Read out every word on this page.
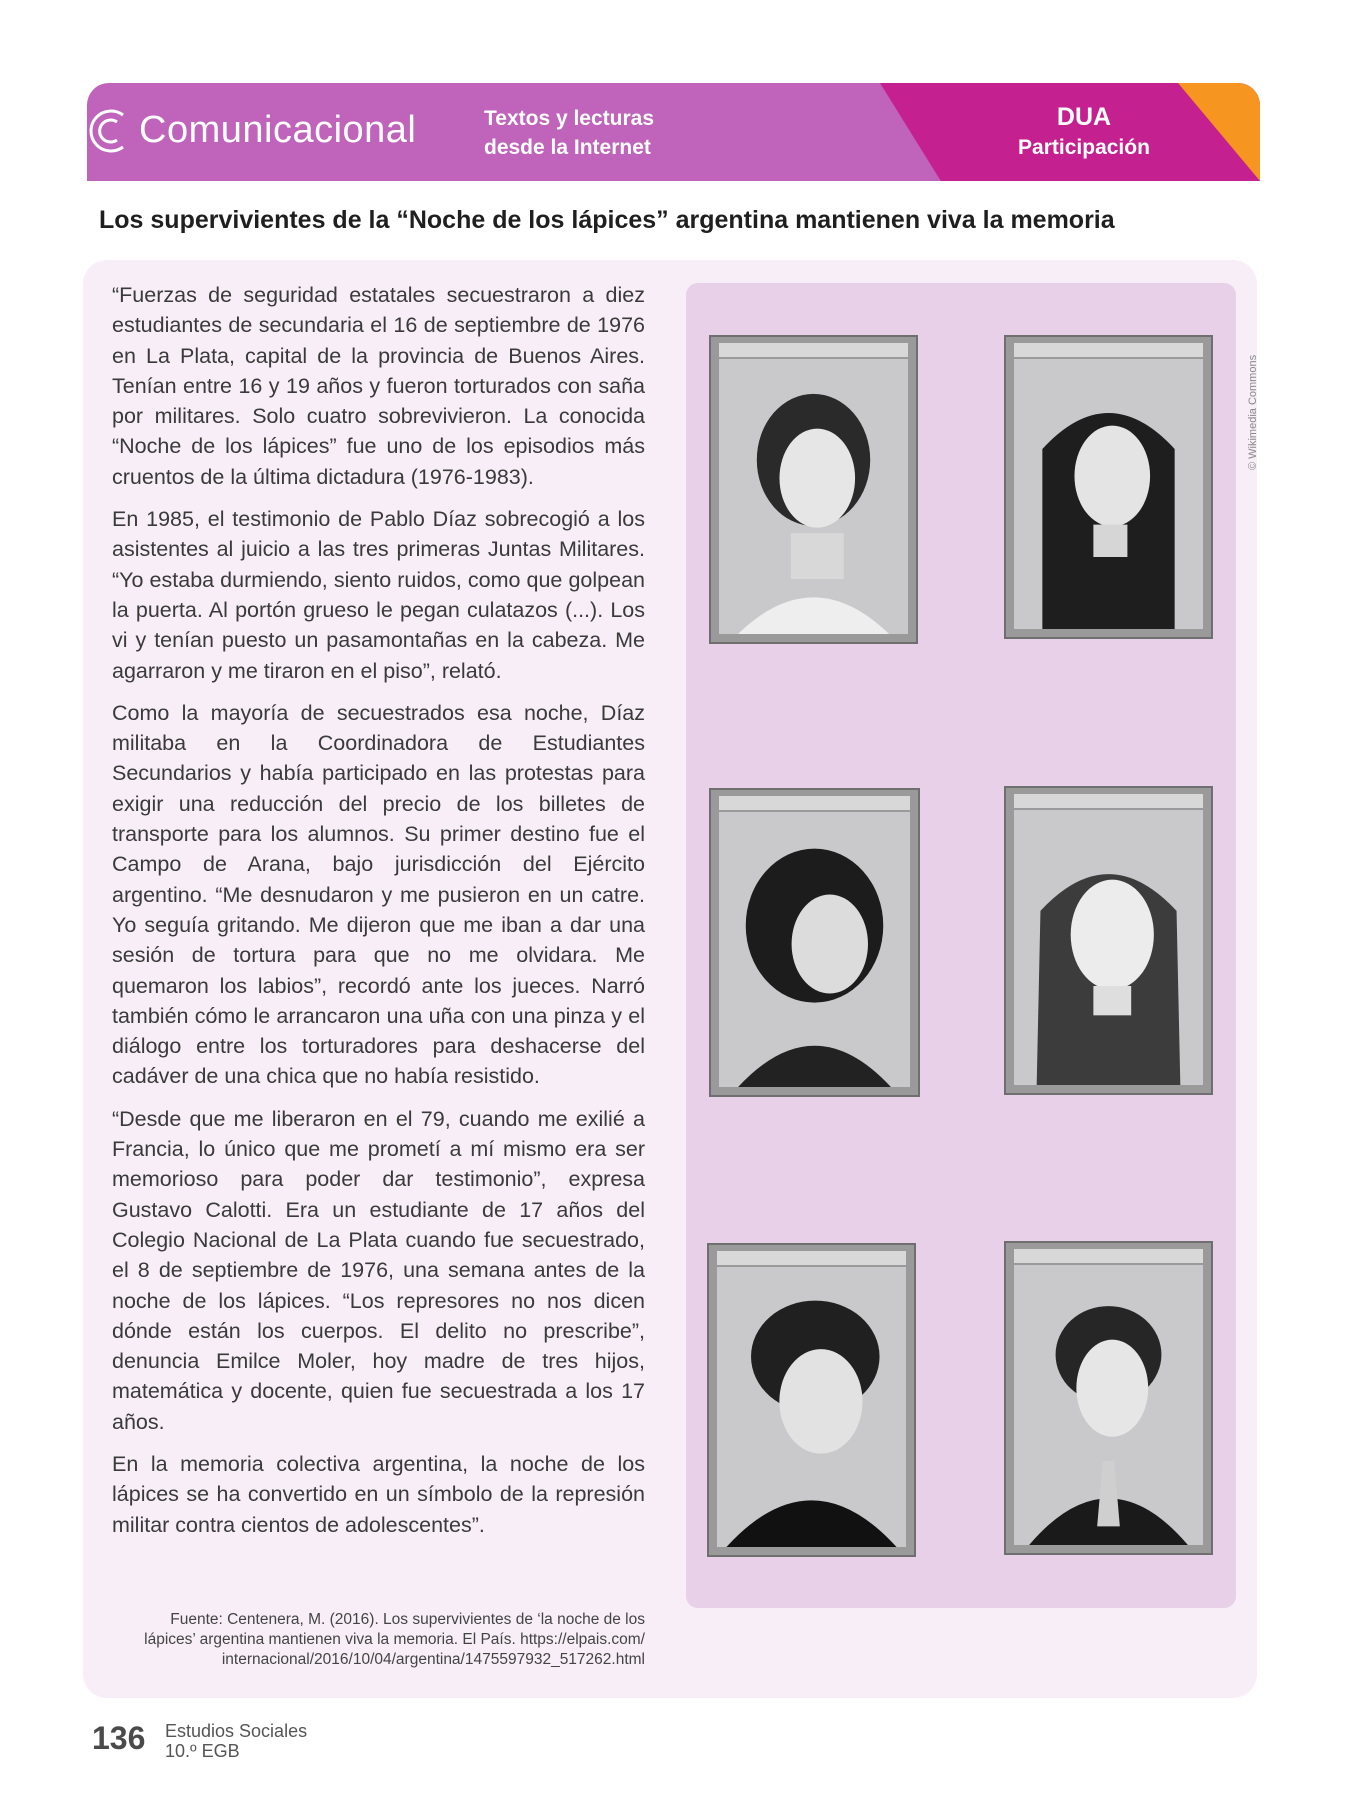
Comunicacional	Textos y lecturas
desde la Internet
DUA
Participación
Los supervivientes de la “Noche de los lápices” argentina mantienen viva la memoria

“Fuerzas de seguridad estatales secuestraron a diez estudiantes de secundaria el 16 de septiembre de 1976 en La Plata, capital de la provincia de Buenos Aires. Tenían entre 16 y 19 años y fueron torturados con saña por militares. Solo cuatro sobrevivieron. La conocida “Noche de los lápices” fue uno de los episodios más cruentos de la última dictadura (1976-1983).

En 1985, el testimonio de Pablo Díaz sobrecogió a los asistentes al juicio a las tres primeras Juntas Militares. “Yo estaba durmiendo, siento ruidos, como que golpean la puerta. Al portón grueso le pegan culatazos (...). Los vi y tenían puesto un pasamontañas en la cabeza. Me agarraron y me tiraron en el piso”, relató.

Como la mayoría de secuestrados esa noche, Díaz militaba en la Coordinadora de Estudiantes Secundarios y había participado en las protestas para exigir una reducción del precio de los billetes de transporte para los alumnos. Su primer destino fue el Campo de Arana, bajo jurisdicción del Ejército argentino. “Me desnudaron y me pusieron en un catre. Yo seguía gritando. Me dijeron que me iban a dar una sesión de tortura para que no me olvidara. Me quemaron los labios”, recordó ante los jueces. Narró también cómo le arrancaron una uña con una pinza y el diálogo entre los torturadores para deshacerse del cadáver de una chica que no había resistido.

“Desde que me liberaron en el 79, cuando me exilié a Francia, lo único que me prometí a mí mismo era ser memorioso para poder dar testimonio”, expresa Gustavo Calotti. Era un estudiante de 17 años del Colegio Nacional de La Plata cuando fue secuestrado, el 8 de septiembre de 1976, una semana antes de la noche de los lápices. “Los represores no nos dicen dónde están los cuerpos. El delito no prescribe”, denuncia Emilce Moler, hoy madre de tres hijos, matemática y docente, quien fue secuestrada a los 17 años.

En la memoria colectiva argentina, la noche de los lápices se ha convertido en un símbolo de la represión militar contra cientos de adolescentes”.

Fuente: Centenera, M. (2016). Los supervivientes de ‘la noche de los
lápices’ argentina mantienen viva la memoria. El País. https://elpais.com/
internacional/2016/10/04/argentina/1475597932_517262.html
© Wikimedia Commons
136 Estudios Sociales
10.º EGB
